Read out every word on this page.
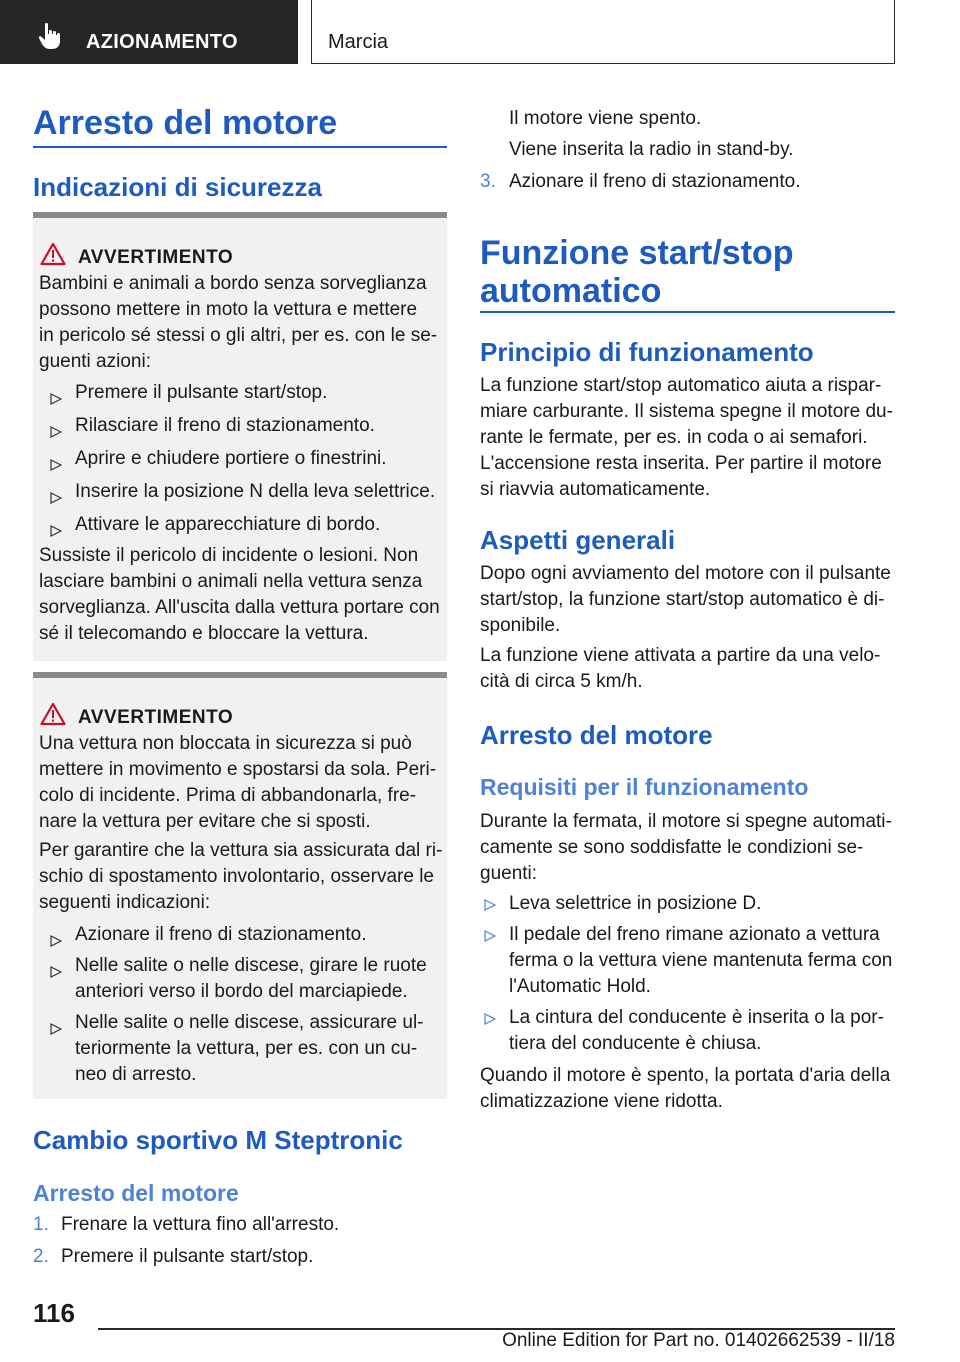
AZIONAMENTO	Marcia
Arresto del motore
Indicazioni di sicurezza
AVVERTIMENTO
Bambini e animali a bordo senza sorveglianza
possono mettere in moto la vettura e mettere
in pericolo sé stessi o gli altri, per es. con le se-
guenti azioni:
Premere il pulsante start/stop.
Rilasciare il freno di stazionamento.
Aprire e chiudere portiere o finestrini.
Inserire la posizione N della leva selettrice.
Attivare le apparecchiature di bordo.
Sussiste il pericolo di incidente o lesioni. Non
lasciare bambini o animali nella vettura senza
sorveglianza. All'uscita dalla vettura portare con
sé il telecomando e bloccare la vettura.
AVVERTIMENTO
Una vettura non bloccata in sicurezza si può
mettere in movimento e spostarsi da sola. Peri-
colo di incidente. Prima di abbandonarla, fre-
nare la vettura per evitare che si sposti.
Per garantire che la vettura sia assicurata dal ri-
schio di spostamento involontario, osservare le
seguenti indicazioni:
Azionare il freno di stazionamento.
Nelle salite o nelle discese, girare le ruote
anteriori verso il bordo del marciapiede.
Nelle salite o nelle discese, assicurare ul-
teriormente la vettura, per es. con un cu-
neo di arresto.
Cambio sportivo M Steptronic
Arresto del motore
1. Frenare la vettura fino all'arresto.
2. Premere il pulsante start/stop.
Il motore viene spento.
Viene inserita la radio in stand-by.
3. Azionare il freno di stazionamento.
Funzione start/stop
automatico
Principio di funzionamento
La funzione start/stop automatico aiuta a rispar-
miare carburante. Il sistema spegne il motore du-
rante le fermate, per es. in coda o ai semafori.
L'accensione resta inserita. Per partire il motore
si riavvia automaticamente.
Aspetti generali
Dopo ogni avviamento del motore con il pulsante
start/stop, la funzione start/stop automatico è di-
sponibile.
La funzione viene attivata a partire da una velo-
cità di circa 5 km/h.
Arresto del motore
Requisiti per il funzionamento
Durante la fermata, il motore si spegne automati-
camente se sono soddisfatte le condizioni se-
guenti:
Leva selettrice in posizione D.
Il pedale del freno rimane azionato a vettura
ferma o la vettura viene mantenuta ferma con
l'Automatic Hold.
La cintura del conducente è inserita o la por-
tiera del conducente è chiusa.
Quando il motore è spento, la portata d'aria della
climatizzazione viene ridotta.
116
Online Edition for Part no. 01402662539 - II/18
